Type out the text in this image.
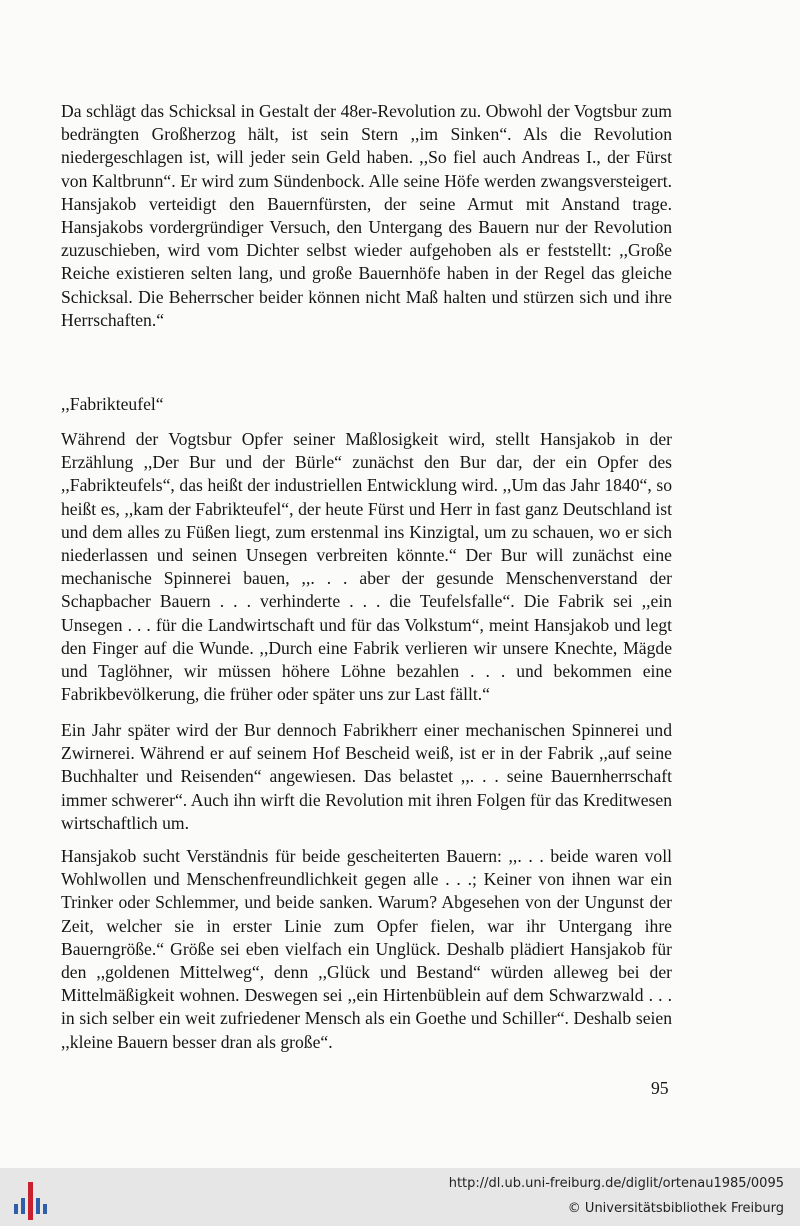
Da schlägt das Schicksal in Gestalt der 48er-Revolution zu. Obwohl der Vogtsbur zum bedrängten Großherzog hält, ist sein Stern ,,im Sinken“. Als die Revolution niedergeschlagen ist, will jeder sein Geld haben. ,,So fiel auch Andreas I., der Fürst von Kaltbrunn“. Er wird zum Sündenbock. Alle seine Höfe werden zwangsversteigert. Hansjakob verteidigt den Bauernfürsten, der seine Armut mit Anstand trage. Hansjakobs vordergründiger Versuch, den Untergang des Bauern nur der Revolution zuzuschieben, wird vom Dichter selbst wieder aufgehoben als er feststellt: ,,Große Reiche existieren selten lang, und große Bauernhöfe haben in der Regel das gleiche Schicksal. Die Beherrscher beider können nicht Maß halten und stürzen sich und ihre Herrschaften.“

,,Fabrikteufel“

Während der Vogtsbur Opfer seiner Maßlosigkeit wird, stellt Hansjakob in der Erzählung ,,Der Bur und der Bürle“ zunächst den Bur dar, der ein Opfer des ,,Fabrikteufels“, das heißt der industriellen Entwicklung wird. ,,Um das Jahr 1840“, so heißt es, ,,kam der Fabrikteufel“, der heute Fürst und Herr in fast ganz Deutschland ist und dem alles zu Füßen liegt, zum erstenmal ins Kinzigtal, um zu schauen, wo er sich niederlassen und seinen Unsegen verbreiten könnte.“ Der Bur will zunächst eine mechanische Spinnerei bauen, ,,. . . aber der gesunde Menschenverstand der Schapbacher Bauern . . . verhinderte . . . die Teufelsfalle“. Die Fabrik sei ,,ein Unsegen . . . für die Landwirtschaft und für das Volkstum“, meint Hansjakob und legt den Finger auf die Wunde. ,,Durch eine Fabrik verlieren wir unsere Knechte, Mägde und Taglöhner, wir müssen höhere Löhne bezahlen . . . und bekommen eine Fabrikbevölkerung, die früher oder später uns zur Last fällt.“

Ein Jahr später wird der Bur dennoch Fabrikherr einer mechanischen Spinnerei und Zwirnerei. Während er auf seinem Hof Bescheid weiß, ist er in der Fabrik ,,auf seine Buchhalter und Reisenden“ angewiesen. Das belastet ,,. . . seine Bauernherrschaft immer schwerer“. Auch ihn wirft die Revolution mit ihren Folgen für das Kreditwesen wirtschaftlich um.

Hansjakob sucht Verständnis für beide gescheiterten Bauern: ,,. . . beide waren voll Wohlwollen und Menschenfreundlichkeit gegen alle . . .; Keiner von ihnen war ein Trinker oder Schlemmer, und beide sanken. Warum? Abgesehen von der Ungunst der Zeit, welcher sie in erster Linie zum Opfer fielen, war ihr Untergang ihre Bauerngröße.“ Größe sei eben vielfach ein Unglück. Deshalb plädiert Hansjakob für den ,,goldenen Mittelweg“, denn ,,Glück und Bestand“ würden alleweg bei der Mittelmäßigkeit wohnen. Deswegen sei ,,ein Hirtenbüblein auf dem Schwarzwald . . . in sich selber ein weit zufriedener Mensch als ein Goethe und Schiller“. Deshalb seien ,,kleine Bauern besser dran als große“.

95
http://dl.ub.uni-freiburg.de/diglit/ortenau1985/0095
© Universitätsbibliothek Freiburg
